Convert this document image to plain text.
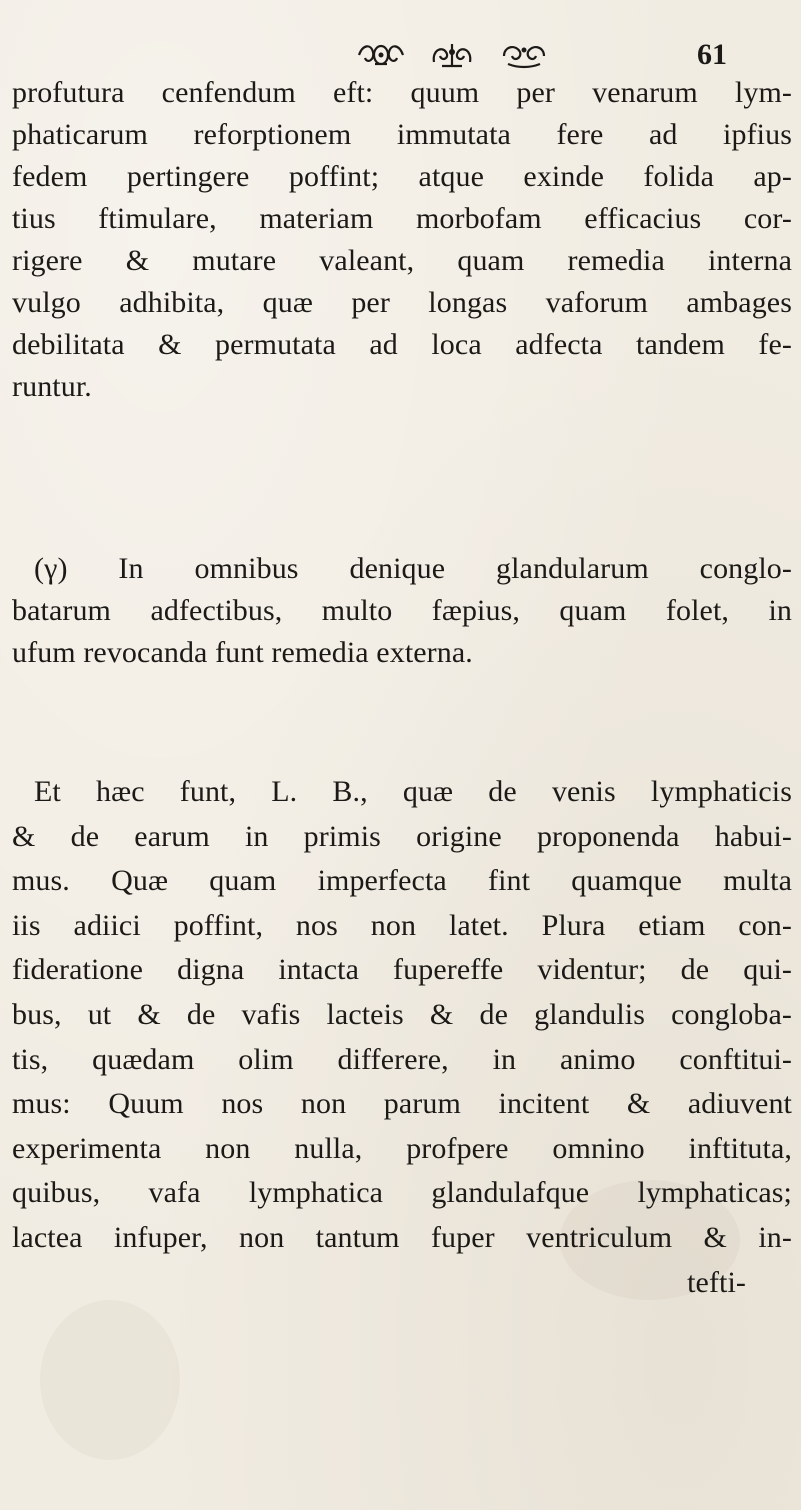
61
profutura cenfendum eft: quum per venarum lym-
phaticarum reforptionem immutata fere ad ipfius
fedem pertingere poffint; atque exinde folida ap-
tius ftimulare, materiam morbofam efficacius cor-
rigere & mutare valeant, quam remedia interna
vulgo adhibita, quæ per longas vaforum ambages
debilitata & permutata ad loca adfecta tandem fe-
runtur.
(γ) In omnibus denique glandularum conglo-
batarum adfectibus, multo fæpius, quam folet, in
ufum revocanda funt remedia externa.
Et hæc funt, L. B., quæ de venis lymphaticis
& de earum in primis origine proponenda habui-
mus. Quæ quam imperfecta fint quamque multa
iis adiici poffint, nos non latet. Plura etiam con-
fideratione digna intacta fupereffe videntur; de qui-
bus, ut & de vafis lacteis & de glandulis congloba-
tis, quædam olim differere, in animo conftitui-
mus: Quum nos non parum incitent & adiuvent
experimenta non nulla, profpere omnino inftituta,
quibus, vafa lymphatica glandulafque lymphaticas;
lactea infuper, non tantum fuper ventriculum & in-
tefti-
